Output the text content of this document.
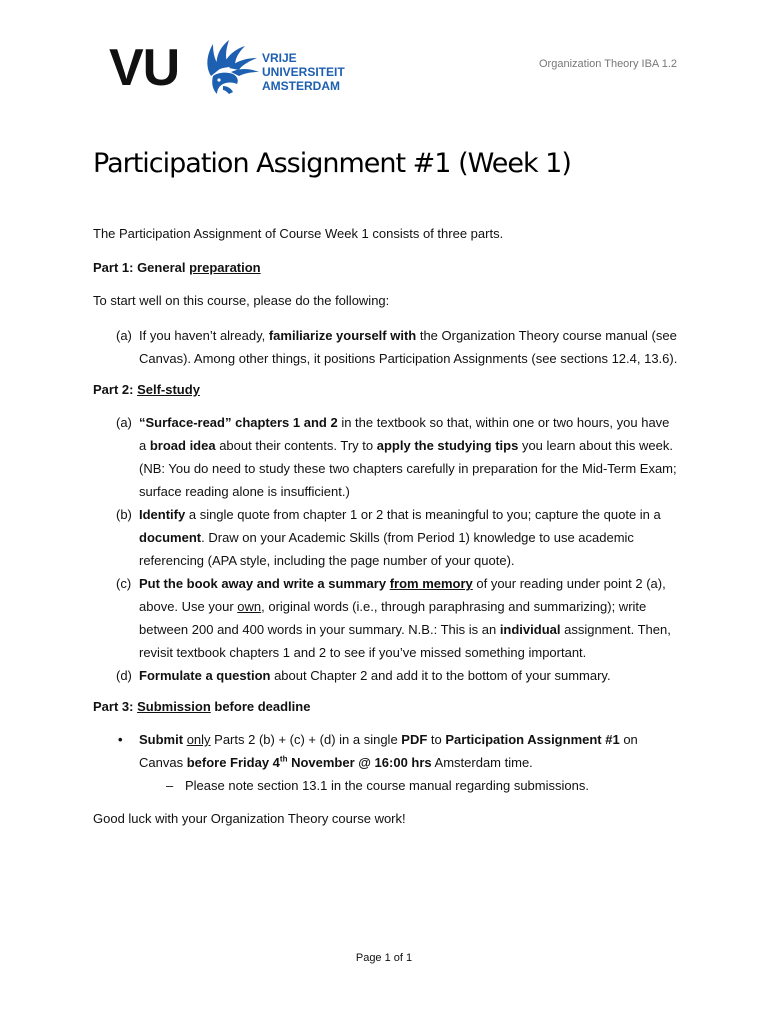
VU	VRIJE
UNIVERSITEIT
AMSTERDAM
Organization Theory IBA 1.2
Participation Assignment #1 (Week 1)

The Participation Assignment of Course Week 1 consists of three parts.

Part 1: General preparation

To start well on this course, please do the following:

(a) If you haven’t already, familiarize yourself with the Organization Theory course manual (see Canvas). Among other things, it positions Participation Assignments (see sections 12.4, 13.6).

Part 2: Self-study

(a) “Surface-read” chapters 1 and 2 in the textbook so that, within one or two hours, you have a broad idea about their contents. Try to apply the studying tips you learn about this week. (NB: You do need to study these two chapters carefully in preparation for the Mid-Term Exam; surface reading alone is insufficient.)
(b) Identify a single quote from chapter 1 or 2 that is meaningful to you; capture the quote in a document. Draw on your Academic Skills (from Period 1) knowledge to use academic referencing (APA style, including the page number of your quote).
(c) Put the book away and write a summary from memory of your reading under point 2 (a), above. Use your own, original words (i.e., through paraphrasing and summarizing); write between 200 and 400 words in your summary. N.B.: This is an individual assignment. Then, revisit textbook chapters 1 and 2 to see if you’ve missed something important.
(d) Formulate a question about Chapter 2 and add it to the bottom of your summary.

Part 3: Submission before deadline

• Submit only Parts 2 (b) + (c) + (d) in a single PDF to Participation Assignment #1 on Canvas before Friday 4th November @ 16:00 hrs Amsterdam time.
– Please note section 13.1 in the course manual regarding submissions.

Good luck with your Organization Theory course work!

Page 1 of 1
